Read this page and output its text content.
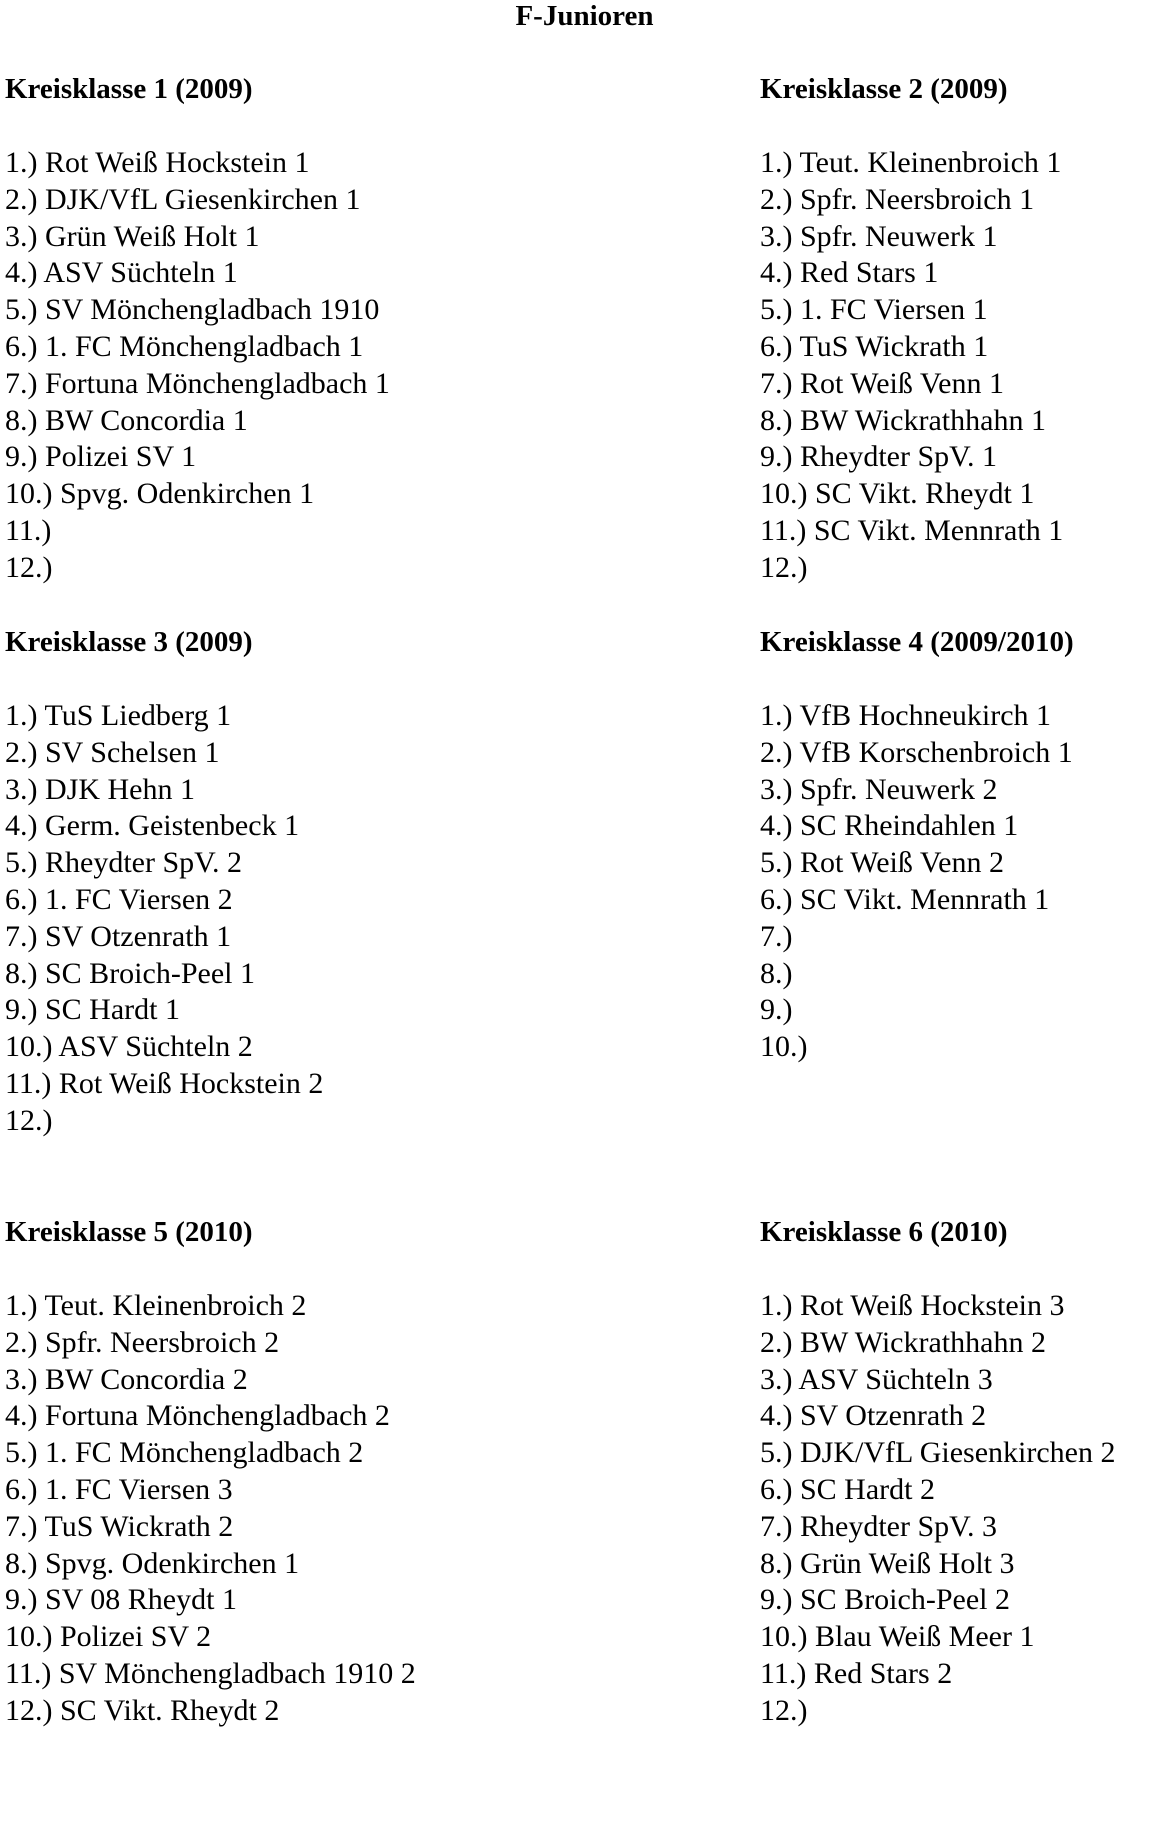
F-Junioren
Kreisklasse 1 (2009)
1.) Rot Weiß Hockstein 1
2.) DJK/VfL Giesenkirchen 1
3.) Grün Weiß Holt 1
4.) ASV Süchteln 1
5.) SV Mönchengladbach 1910
6.) 1. FC Mönchengladbach 1
7.) Fortuna Mönchengladbach 1
8.) BW Concordia 1
9.) Polizei SV 1
10.) Spvg. Odenkirchen 1
11.)
12.)
Kreisklasse 2 (2009)
1.) Teut. Kleinenbroich 1
2.) Spfr. Neersbroich 1
3.) Spfr. Neuwerk 1
4.) Red Stars 1
5.) 1. FC Viersen 1
6.) TuS Wickrath 1
7.) Rot Weiß Venn 1
8.) BW Wickrathhahn 1
9.) Rheydter SpV. 1
10.) SC Vikt. Rheydt 1
11.) SC Vikt. Mennrath 1
12.)
Kreisklasse 3 (2009)
1.) TuS Liedberg 1
2.) SV Schelsen 1
3.) DJK Hehn 1
4.) Germ. Geistenbeck 1
5.) Rheydter SpV. 2
6.) 1. FC Viersen 2
7.) SV Otzenrath 1
8.) SC Broich-Peel 1
9.) SC Hardt 1
10.) ASV Süchteln 2
11.) Rot Weiß Hockstein 2
12.)
Kreisklasse 4 (2009/2010)
1.) VfB Hochneukirch 1
2.) VfB Korschenbroich 1
3.) Spfr. Neuwerk 2
4.) SC Rheindahlen 1
5.) Rot Weiß Venn 2
6.) SC Vikt. Mennrath 1
7.)
8.)
9.)
10.)
Kreisklasse 5 (2010)
1.) Teut. Kleinenbroich 2
2.) Spfr. Neersbroich 2
3.) BW Concordia 2
4.) Fortuna Mönchengladbach 2
5.) 1. FC Mönchengladbach 2
6.) 1. FC Viersen 3
7.) TuS Wickrath 2
8.) Spvg. Odenkirchen 1
9.) SV 08 Rheydt 1
10.) Polizei SV 2
11.) SV Mönchengladbach 1910 2
12.) SC Vikt. Rheydt 2
Kreisklasse 6 (2010)
1.) Rot Weiß Hockstein 3
2.) BW Wickrathhahn 2
3.) ASV Süchteln 3
4.) SV Otzenrath 2
5.) DJK/VfL Giesenkirchen 2
6.) SC Hardt 2
7.) Rheydter SpV. 3
8.) Grün Weiß Holt 3
9.) SC Broich-Peel 2
10.) Blau Weiß Meer 1
11.) Red Stars 2
12.)
